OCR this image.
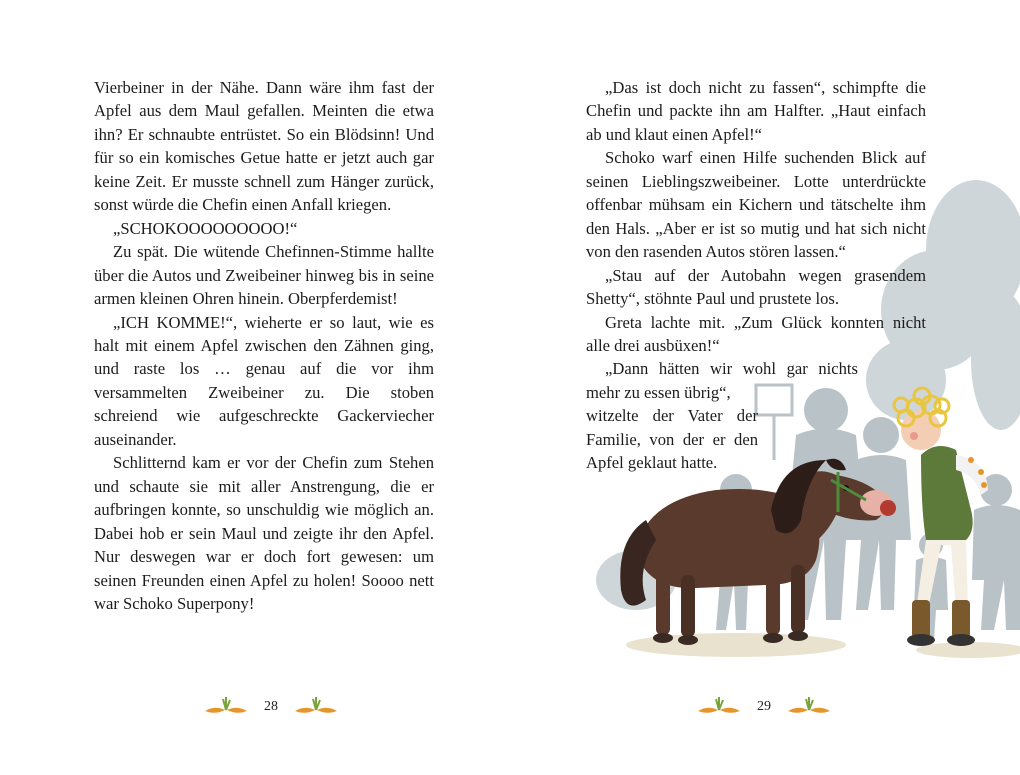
Vierbeiner in der Nähe. Dann wäre ihm fast der Apfel aus dem Maul gefallen. Meinten die etwa ihn? Er schnaubte entrüstet. So ein Blödsinn! Und für so ein komisches Getue hatte er jetzt auch gar keine Zeit. Er musste schnell zum Hänger zurück, sonst würde die Chefin einen Anfall kriegen.

„SCHOKOOOOOOOOO!“

Zu spät. Die wütende Chefinnen-Stimme hallte über die Autos und Zweibeiner hinweg bis in seine armen kleinen Ohren hinein. Oberpferdemist!

„ICH KOMME!“, wieherte er so laut, wie es halt mit einem Apfel zwischen den Zähnen ging, und raste los … genau auf die vor ihm versammelten Zweibeiner zu. Die stoben schreiend wie aufgeschreckte Gackerviecher auseinander.

Schlitternd kam er vor der Chefin zum Stehen und schaute sie mit aller Anstrengung, die er aufbringen konnte, so unschuldig wie möglich an. Dabei hob er sein Maul und zeigte ihr den Apfel. Nur deswegen war er doch fort gewesen: um seinen Freunden einen Apfel zu holen! Soooo nett war Schoko Superpony!

28

„Das ist doch nicht zu fassen“, schimpfte die Chefin und packte ihn am Halfter. „Haut einfach ab und klaut einen Apfel!“

Schoko warf einen Hilfe suchenden Blick auf seinen Lieblingszweibeiner. Lotte unterdrückte offenbar mühsam ein Kichern und tätschelte ihm den Hals. „Aber er ist so mutig und hat sich nicht von den rasenden Autos stören lassen.“

„Stau auf der Autobahn wegen grasendem Shetty“, stöhnte Paul und prustete los.

Greta lachte mit. „Zum Glück konnten nicht alle drei ausbüxen!“

„Dann hätten wir wohl gar nichts mehr zu essen übrig“,

witzelte der Vater der Familie, von der er den Apfel geklaut hatte.

29
